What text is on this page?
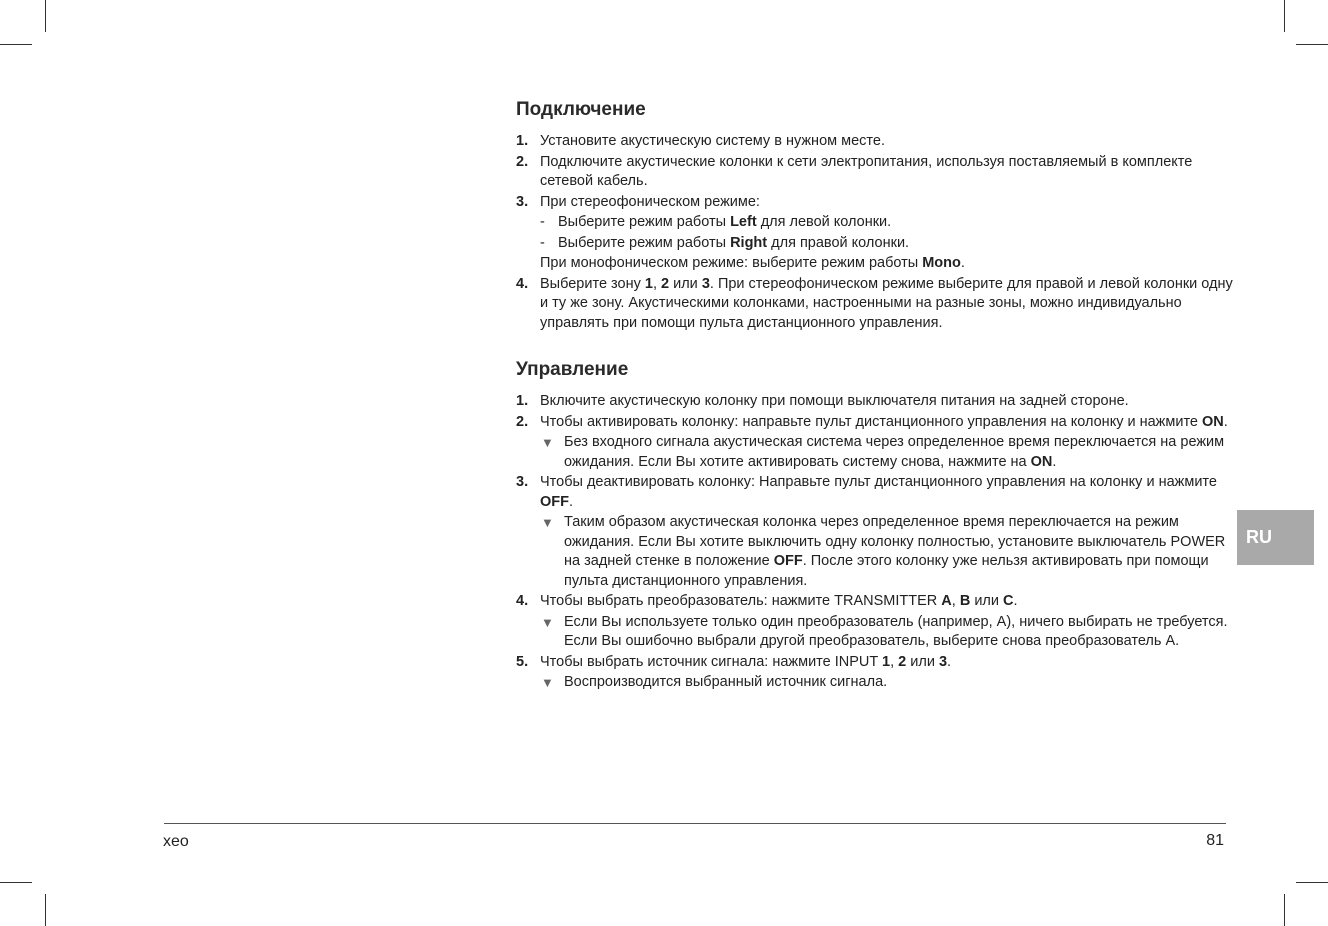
Подключение
1. Установите акустическую систему в нужном месте.
2. Подключите акустические колонки к сети электропитания, используя поставляемый в комплекте сетевой кабель.
3. При стереофоническом режиме:
- Выберите режим работы Left для левой колонки.
- Выберите режим работы Right для правой колонки.
При монофоническом режиме: выберите режим работы Mono.
4. Выберите зону 1, 2 или 3. При стереофоническом режиме выберите для правой и левой колонки одну и ту же зону. Акустическими колонками, настроенными на разные зоны, можно индивидуально управлять при помощи пульта дистанционного управления.
Управление
1. Включите акустическую колонку при помощи выключателя питания на задней стороне.
2. Чтобы активировать колонку: направьте пульт дистанционного управления на колонку и нажмите ON.
▼ Без входного сигнала акустическая система через определенное время переключается на режим ожидания. Если Вы хотите активировать систему снова, нажмите на ON.
3. Чтобы деактивировать колонку: Направьте пульт дистанционного управления на колонку и нажмите OFF.
▼ Таким образом акустическая колонка через определенное время переключается на режим ожидания. Если Вы хотите выключить одну колонку полностью, установите выключатель POWER на задней стенке в положение OFF. После этого колонку уже нельзя активировать при помощи пульта дистанционного управления.
4. Чтобы выбрать преобразователь: нажмите TRANSMITTER A, B или C.
▼ Если Вы используете только один преобразователь (например, A), ничего выбирать не требуется. Если Вы ошибочно выбрали другой преобразователь, выберите снова преобразователь A.
5. Чтобы выбрать источник сигнала: нажмите INPUT 1, 2 или 3.
▼ Воспроизводится выбранный источник сигнала.
RU
xeo	81
